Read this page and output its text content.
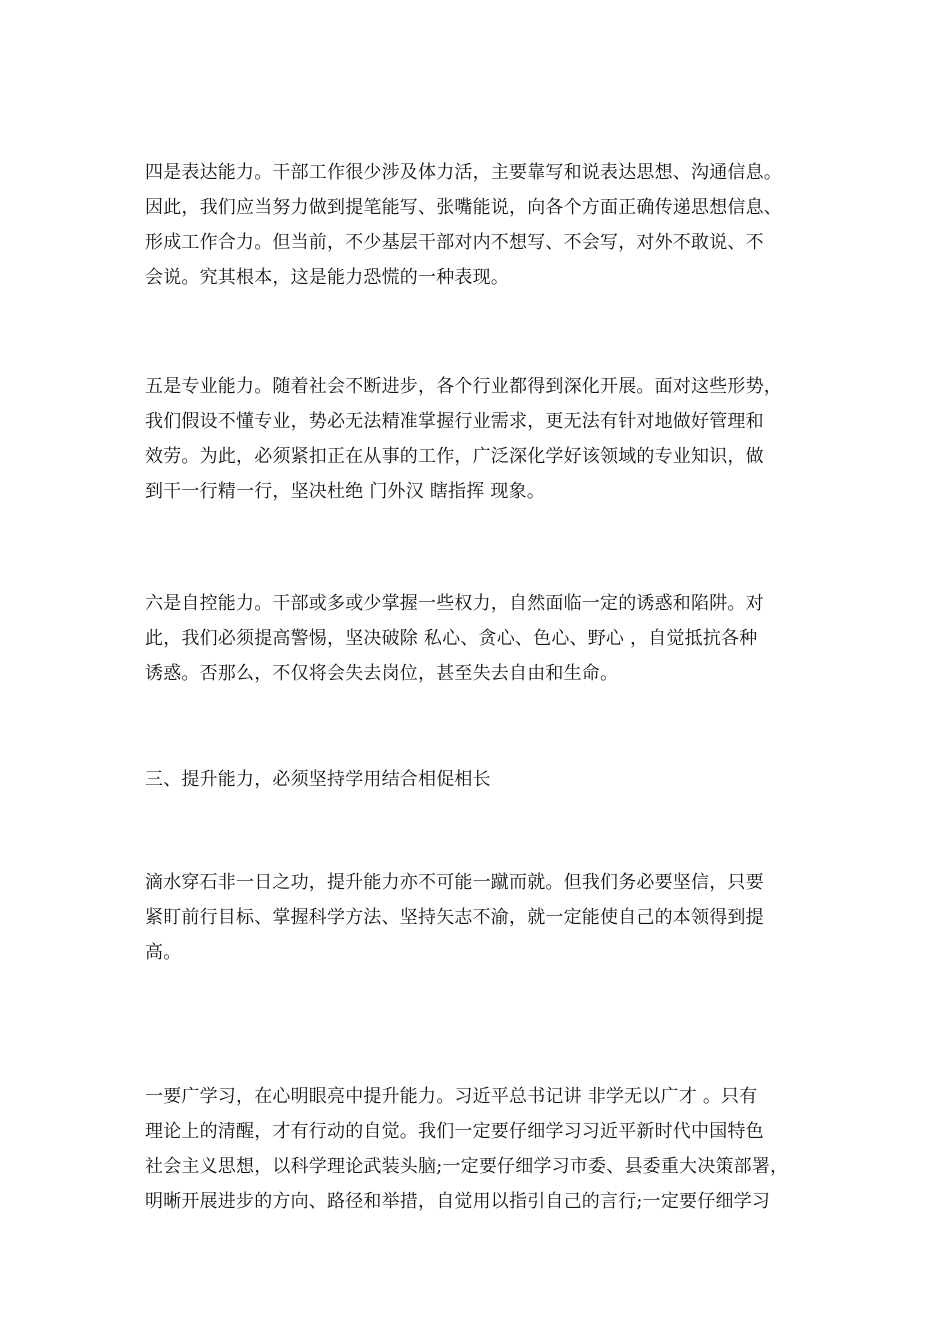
四是表达能力。干部工作很少涉及体力活，主要靠写和说表达思想、沟通信息。
因此，我们应当努力做到提笔能写、张嘴能说，向各个方面正确传递思想信息、
形成工作合力。但当前，不少基层干部对内不想写、不会写，对外不敢说、不
会说。究其根本，这是能力恐慌的一种表现。
五是专业能力。随着社会不断进步，各个行业都得到深化开展。面对这些形势，
我们假设不懂专业，势必无法精准掌握行业需求，更无法有针对地做好管理和
效劳。为此，必须紧扣正在从事的工作，广泛深化学好该领域的专业知识，做
到干一行精一行，坚决杜绝 门外汉 瞎指挥 现象。
六是自控能力。干部或多或少掌握一些权力，自然面临一定的诱惑和陷阱。对
此，我们必须提高警惕，坚决破除 私心、贪心、色心、野心 ，自觉抵抗各种
诱惑。否那么，不仅将会失去岗位，甚至失去自由和生命。
三、提升能力，必须坚持学用结合相促相长
滴水穿石非一日之功，提升能力亦不可能一蹴而就。但我们务必要坚信，只要
紧盯前行目标、掌握科学方法、坚持矢志不渝，就一定能使自己的本领得到提
高。
一要广学习，在心明眼亮中提升能力。习近平总书记讲 非学无以广才 。只有
理论上的清醒，才有行动的自觉。我们一定要仔细学习习近平新时代中国特色
社会主义思想，以科学理论武装头脑;一定要仔细学习市委、县委重大决策部署，
明晰开展进步的方向、路径和举措，自觉用以指引自己的言行;一定要仔细学习
